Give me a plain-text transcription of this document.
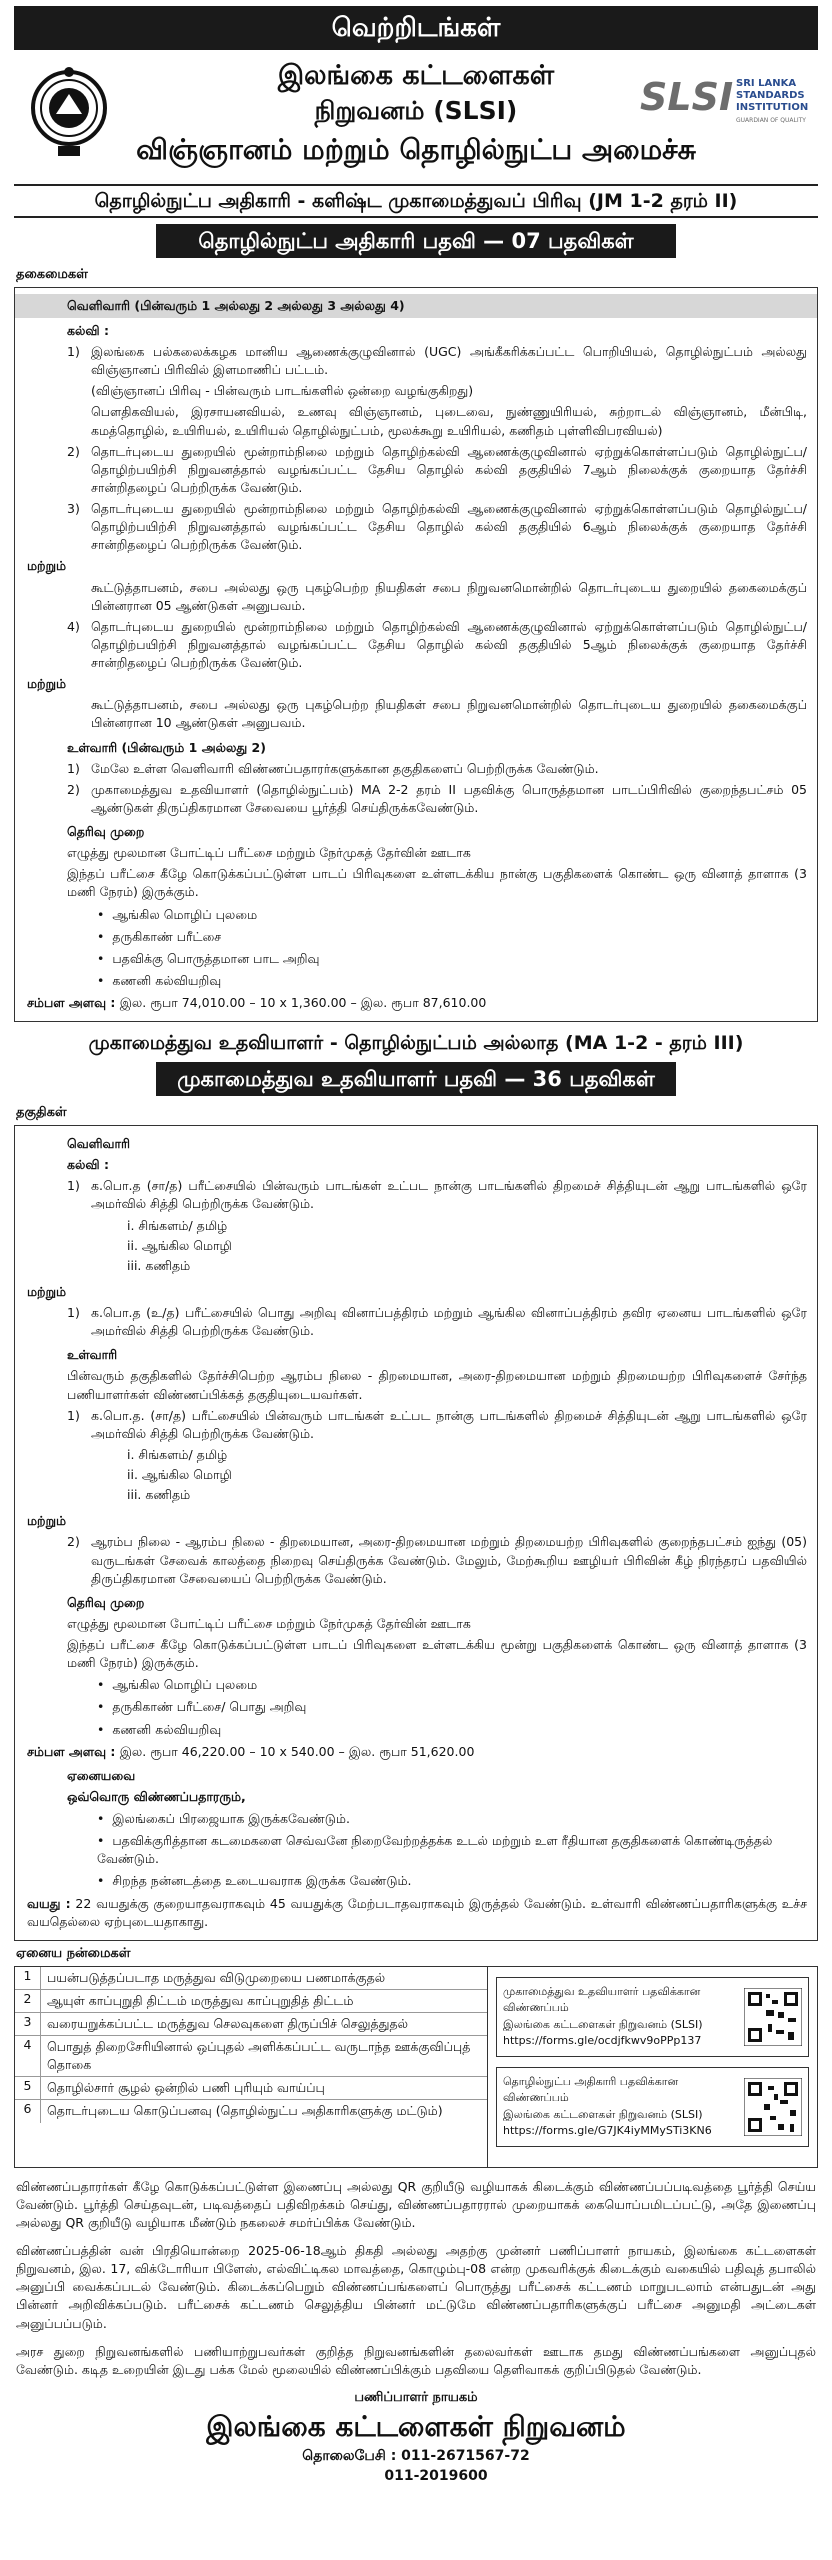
வெற்றிடங்கள்
இலங்கை கட்டளைகள்
நிறுவனம் (SLSI)
விஞ்ஞானம் மற்றும் தொழில்நுட்ப அமைச்சு
SLSI SRI LANKA
STANDARDS
INSTITUTION
GUARDIAN OF QUALITY
தொழில்நுட்ப அதிகாரி - களிஷ்ட முகாமைத்துவப் பிரிவு (JM 1-2 தரம் II)
தொழில்நுட்ப அதிகாரி பதவி — 07 பதவிகள்
தகைமைகள்
வெளிவாரி (பின்வரும் 1 அல்லது 2 அல்லது 3 அல்லது 4)
கல்வி :
1) இலங்கை பல்கலைக்கழக மானிய ஆணைக்குழுவினால் (UGC) அங்கீகரிக்கப்பட்ட பொறியியல், தொழில்நுட்பம் அல்லது விஞ்ஞானப் பிரிவில் இளமாணிப் பட்டம்.
(விஞ்ஞானப் பிரிவு - பின்வரும் பாடங்களில் ஒன்றை வழங்குகிறது)
பௌதிகவியல், இரசாயனவியல், உணவு விஞ்ஞானம், புடைவை, நுண்ணுயிரியல், சுற்றாடல் விஞ்ஞானம், மீன்பிடி, கமத்தொழில், உயிரியல், உயிரியல் தொழில்நுட்பம், மூலக்கூறு உயிரியல், கணிதம் புள்ளிவிபரவியல்)
2) தொடர்புடைய துறையில் மூன்றாம்நிலை மற்றும் தொழிற்கல்வி ஆணைக்குழுவினால் ஏற்றுக்கொள்ளப்படும் தொழில்நுட்ப/ தொழிற்பயிற்சி நிறுவனத்தால் வழங்கப்பட்ட தேசிய தொழில் கல்வி தகுதியில் 7ஆம் நிலைக்குக் குறையாத தேர்ச்சி சான்றிதழைப் பெற்றிருக்க வேண்டும்.
3) தொடர்புடைய துறையில் மூன்றாம்நிலை மற்றும் தொழிற்கல்வி ஆணைக்குழுவினால் ஏற்றுக்கொள்ளப்படும் தொழில்நுட்ப/ தொழிற்பயிற்சி நிறுவனத்தால் வழங்கப்பட்ட தேசிய தொழில் கல்வி தகுதியில் 6ஆம் நிலைக்குக் குறையாத தேர்ச்சி சான்றிதழைப் பெற்றிருக்க வேண்டும்.
மற்றும்
கூட்டுத்தாபனம், சபை அல்லது ஒரு புகழ்பெற்ற நியதிகள் சபை நிறுவனமொன்றில் தொடர்புடைய துறையில் தகைமைக்குப் பின்னரான 05 ஆண்டுகள் அனுபவம்.
4) தொடர்புடைய துறையில் மூன்றாம்நிலை மற்றும் தொழிற்கல்வி ஆணைக்குழுவினால் ஏற்றுக்கொள்ளப்படும் தொழில்நுட்ப/ தொழிற்பயிற்சி நிறுவனத்தால் வழங்கப்பட்ட தேசிய தொழில் கல்வி தகுதியில் 5ஆம் நிலைக்குக் குறையாத தேர்ச்சி சான்றிதழைப் பெற்றிருக்க வேண்டும்.
மற்றும்
கூட்டுத்தாபனம், சபை அல்லது ஒரு புகழ்பெற்ற நியதிகள் சபை நிறுவனமொன்றில் தொடர்புடைய துறையில் தகைமைக்குப் பின்னரான 10 ஆண்டுகள் அனுபவம்.
உள்வாரி (பின்வரும் 1 அல்லது 2)
1) மேலே உள்ள வெளிவாரி விண்ணப்பதாரர்களுக்கான தகுதிகளைப் பெற்றிருக்க வேண்டும்.
2) முகாமைத்துவ உதவியாளர் (தொழில்நுட்பம்) MA 2-2 தரம் II பதவிக்கு பொருத்தமான பாடப்பிரிவில் குறைந்தபட்சம் 05 ஆண்டுகள் திருப்திகரமான சேவையை பூர்த்தி செய்திருக்கவேண்டும்.
தெரிவு முறை
எழுத்து மூலமான போட்டிப் பரீட்சை மற்றும் நேர்முகத் தேர்வின் ஊடாக
இந்தப் பரீட்சை கீழே கொடுக்கப்பட்டுள்ள பாடப் பிரிவுகளை உள்ளடக்கிய நான்கு பகுதிகளைக் கொண்ட ஒரு வினாத் தாளாக (3 மணி நேரம்) இருக்கும்.
• ஆங்கில மொழிப் புலமை
• தருகிகாண் பரீட்சை
• பதவிக்கு பொருத்தமான பாட அறிவு
• கணனி கல்வியறிவு
சம்பள அளவு : இல. ரூபா 74,010.00 – 10 x 1,360.00 – இல. ரூபா 87,610.00
முகாமைத்துவ உதவியாளர் - தொழில்நுட்பம் அல்லாத (MA 1-2 - தரம் III)
முகாமைத்துவ உதவியாளர் பதவி — 36 பதவிகள்
தகுதிகள்
வெளிவாரி
கல்வி :
1) க.பொ.த (சா/த) பரீட்சையில் பின்வரும் பாடங்கள் உட்பட நான்கு பாடங்களில் திறமைச் சித்தியுடன் ஆறு பாடங்களில் ஒரே அமர்வில் சித்தி பெற்றிருக்க வேண்டும்.
i. சிங்களம்/ தமிழ்
ii. ஆங்கில மொழி
iii. கணிதம்
மற்றும்
1) க.பொ.த (உ/த) பரீட்சையில் பொது அறிவு வினாப்பத்திரம் மற்றும் ஆங்கில வினாப்பத்திரம் தவிர ஏனைய பாடங்களில் ஒரே அமர்வில் சித்தி பெற்றிருக்க வேண்டும்.
உள்வாரி
பின்வரும் தகுதிகளில் தேர்ச்சிபெற்ற ஆரம்ப நிலை - திறமையான, அரை-திறமையான மற்றும் திறமையற்ற பிரிவுகளைச் சேர்ந்த பணியாளர்கள் விண்ணப்பிக்கத் தகுதியுடையவர்கள்.
1) க.பொ.த. (சா/த) பரீட்சையில் பின்வரும் பாடங்கள் உட்பட நான்கு பாடங்களில் திறமைச் சித்தியுடன் ஆறு பாடங்களில் ஒரே அமர்வில் சித்தி பெற்றிருக்க வேண்டும்.
i. சிங்களம்/ தமிழ்
ii. ஆங்கில மொழி
iii. கணிதம்
மற்றும்
2) ஆரம்ப நிலை - ஆரம்ப நிலை - திறமையான, அரை-திறமையான மற்றும் திறமையற்ற பிரிவுகளில் குறைந்தபட்சம் ஐந்து (05) வருடங்கள் சேவைக் காலத்தை நிறைவு செய்திருக்க வேண்டும். மேலும், மேற்கூறிய ஊழியர் பிரிவின் கீழ் நிரந்தரப் பதவியில் திருப்திகரமான சேவையைப் பெற்றிருக்க வேண்டும்.
தெரிவு முறை
எழுத்து மூலமான போட்டிப் பரீட்சை மற்றும் நேர்முகத் தேர்வின் ஊடாக
இந்தப் பரீட்சை கீழே கொடுக்கப்பட்டுள்ள பாடப் பிரிவுகளை உள்ளடக்கிய மூன்று பகுதிகளைக் கொண்ட ஒரு வினாத் தாளாக (3 மணி நேரம்) இருக்கும்.
• ஆங்கில மொழிப் புலமை
• தருகிகாண் பரீட்சை/ பொது அறிவு
• கணனி கல்வியறிவு
சம்பள அளவு : இல. ரூபா 46,220.00 – 10 x 540.00 – இல. ரூபா 51,620.00
ஏனையவை
ஒவ்வொரு விண்ணப்பதாரரும்,
• இலங்கைப் பிரஜையாக இருக்கவேண்டும்.
• பதவிக்குரித்தான கடமைகளை செவ்வனே நிறைவேற்றத்தக்க உடல் மற்றும் உள ரீதியான தகுதிகளைக் கொண்டிருத்தல் வேண்டும்.
• சிறந்த நன்னடத்தை உடையவராக இருக்க வேண்டும்.
வயது : 22 வயதுக்கு குறையாதவராகவும் 45 வயதுக்கு மேற்படாதவராகவும் இருத்தல் வேண்டும். உள்வாரி விண்ணப்பதாரிகளுக்கு உச்ச வயதெல்லை ஏற்புடையதாகாது.
ஏனைய நன்மைகள்
1	பயன்படுத்தப்படாத மருத்துவ விடுமுறையை பணமாக்குதல்
2	ஆயுள் காப்புறுதி திட்டம் மருத்துவ காப்புறுதித் திட்டம்
3	வரையறுக்கப்பட்ட மருத்துவ செலவுகளை திருப்பிச் செலுத்துதல்
4	பொதுத் திறைசேரியினால் ஒப்புதல் அளிக்கப்பட்ட வருடாந்த ஊக்குவிப்புத் தொகை
5	தொழில்சார் சூழல் ஒன்றில் பணி புரியும் வாய்ப்பு
6	தொடர்புடைய கொடுப்பனவு (தொழில்நுட்ப அதிகாரிகளுக்கு மட்டும்)
முகாமைத்துவ உதவியாளர் பதவிக்கான விண்ணப்பம்
இலங்கை கட்டளைகள் நிறுவனம் (SLSI)
https://forms.gle/ocdjfkwv9oPPp137
தொழில்நுட்ப அதிகாரி பதவிக்கான விண்ணப்பம்
இலங்கை கட்டளைகள் நிறுவனம் (SLSI)
https://forms.gle/G7JK4iyMMySTi3KN6
விண்ணப்பதாரர்கள் கீழே கொடுக்கப்பட்டுள்ள இணைப்பு அல்லது QR குறியீடு வழியாகக் கிடைக்கும் விண்ணப்பப்படிவத்தை பூர்த்தி செய்ய வேண்டும். பூர்த்தி செய்தவுடன், படிவத்தைப் பதிவிறக்கம் செய்து, விண்ணப்பதாரரால் முறையாகக் கையொப்பமிடப்பட்டு, அதே இணைப்பு அல்லது QR குறியீடு வழியாக மீண்டும் நகலைச் சமர்ப்பிக்க வேண்டும்.
விண்ணப்பத்தின் வன் பிரதியொன்றை 2025-06-18ஆம் திகதி அல்லது அதற்கு முன்னர் பணிப்பாளர் நாயகம், இலங்கை கட்டளைகள் நிறுவனம், இல. 17, விக்டோரியா பிளேஸ், எல்விட்டிகல மாவத்தை, கொழும்பு-08 என்ற முகவரிக்குக் கிடைக்கும் வகையில் பதிவுத் தபாலில் அனுப்பி வைக்கப்படல் வேண்டும். கிடைக்கப்பெறும் விண்ணப்பங்களைப் பொருத்து பரீட்சைக் கட்டணம் மாறுபடலாம் என்பதுடன் அது பின்னர் அறிவிக்கப்படும். பரீட்சைக் கட்டணம் செலுத்திய பின்னர் மட்டுமே விண்ணப்பதாரிகளுக்குப் பரீட்சை அனுமதி அட்டைகள் அனுப்பப்படும்.
அரச துறை நிறுவனங்களில் பணியாற்றுபவர்கள் குறித்த நிறுவனங்களின் தலைவர்கள் ஊடாக தமது விண்ணப்பங்களை அனுப்புதல் வேண்டும். கடித உறையின் இடது பக்க மேல் மூலையில் விண்ணப்பிக்கும் பதவியை தெளிவாகக் குறிப்பிடுதல் வேண்டும்.
பணிப்பாளர் நாயகம்
இலங்கை கட்டளைகள் நிறுவனம்
தொலைபேசி : 011-2671567-72
011-2019600
